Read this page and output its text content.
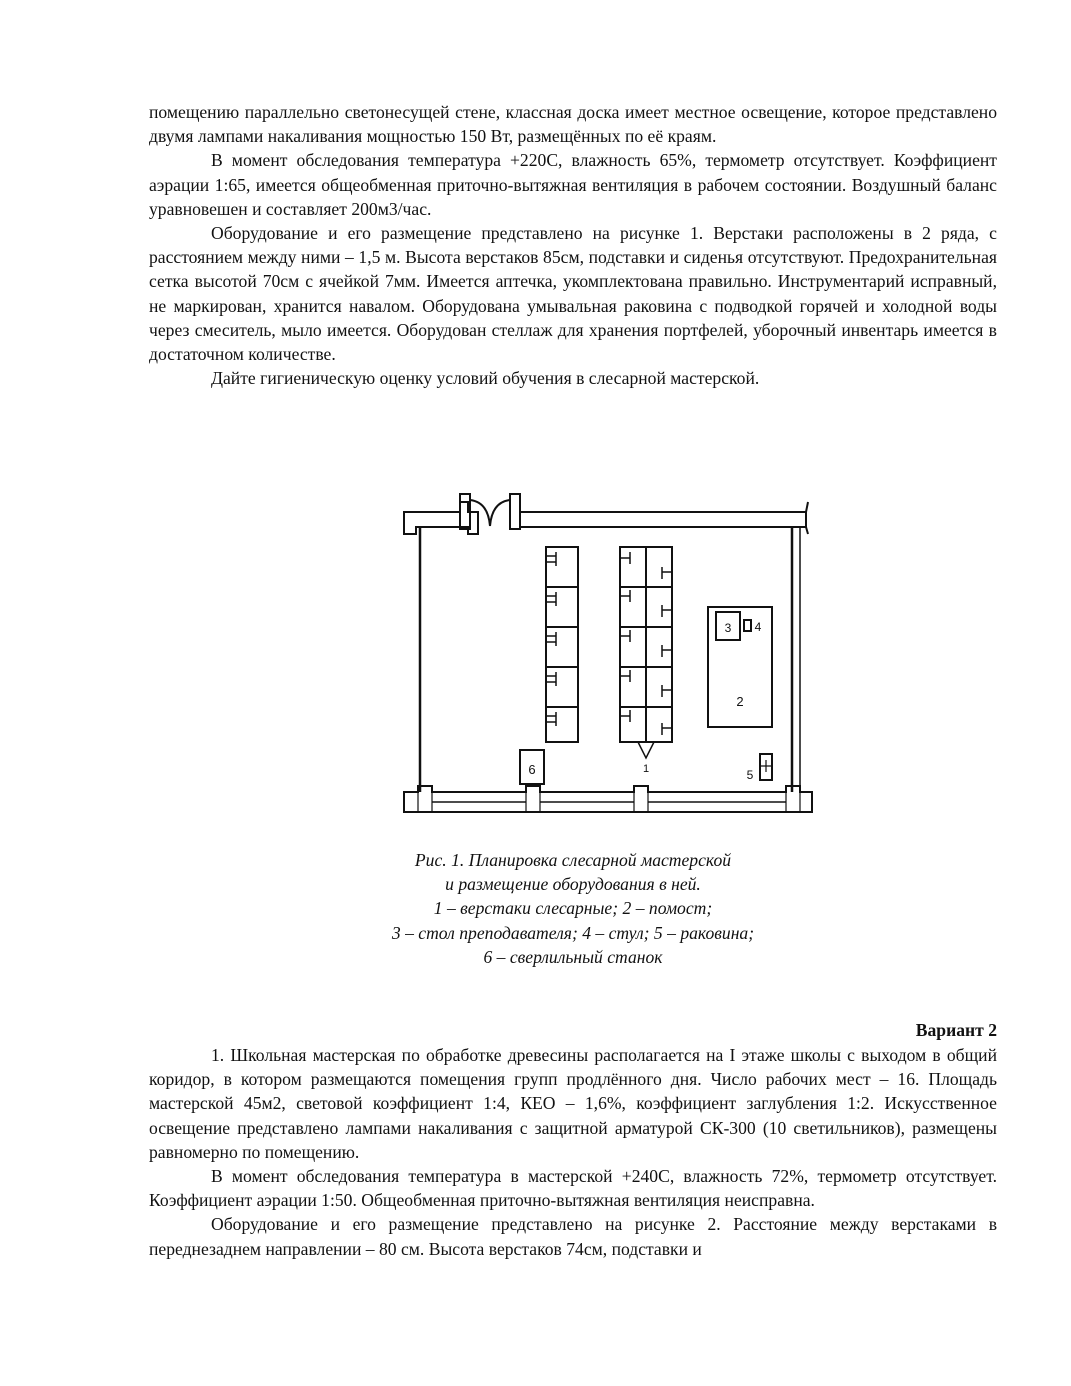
помещению параллельно светонесущей стене, классная доска имеет местное освещение, которое представлено двумя лампами накаливания мощностью 150 Вт, размещённых по её краям.

В момент обследования температура +220С, влажность 65%, термометр отсутствует. Коэффициент аэрации 1:65, имеется общеобменная приточно-вытяжная вентиляция в рабочем состоянии. Воздушный баланс уравновешен и составляет 200м3/час.

Оборудование и его размещение представлено на рисунке 1. Верстаки расположены в 2 ряда, с расстоянием между ними – 1,5 м. Высота верстаков 85см, подставки и сиденья отсутствуют. Предохранительная сетка высотой 70см с ячейкой 7мм. Имеется аптечка, укомплектована правильно. Инструментарий исправный, не маркирован, хранится навалом. Оборудована умывальная раковина с подводкой горячей и холодной воды через смеситель, мыло имеется. Оборудован стеллаж для хранения портфелей, уборочный инвентарь имеется в достаточном количестве.

Дайте гигиеническую оценку условий обучения в слесарной мастерской.

1
2
3 4
5
6
Рис. 1. Планировка слесарной мастерской
и размещение оборудования в ней.
1 – верстаки слесарные; 2 – помост;
3 – стол преподавателя; 4 – стул; 5 – раковина;
6 – сверлильный станок
Вариант 2

1. Школьная мастерская по обработке древесины располагается на I этаже школы с выходом в общий коридор, в котором размещаются помещения групп продлённого дня. Число рабочих мест – 16. Площадь мастерской 45м2, световой коэффициент 1:4, КЕО – 1,6%, коэффициент заглубления 1:2. Искусственное освещение представлено лампами накаливания с защитной арматурой СК-300 (10 светильников), размещены равномерно по помещению.

В момент обследования температура в мастерской +240С, влажность 72%, термометр отсутствует. Коэффициент аэрации 1:50. Общеобменная приточно-вытяжная вентиляция неисправна.

Оборудование и его размещение представлено на рисунке 2. Расстояние между верстаками в переднезаднем направлении – 80 см. Высота верстаков 74см, подставки и
